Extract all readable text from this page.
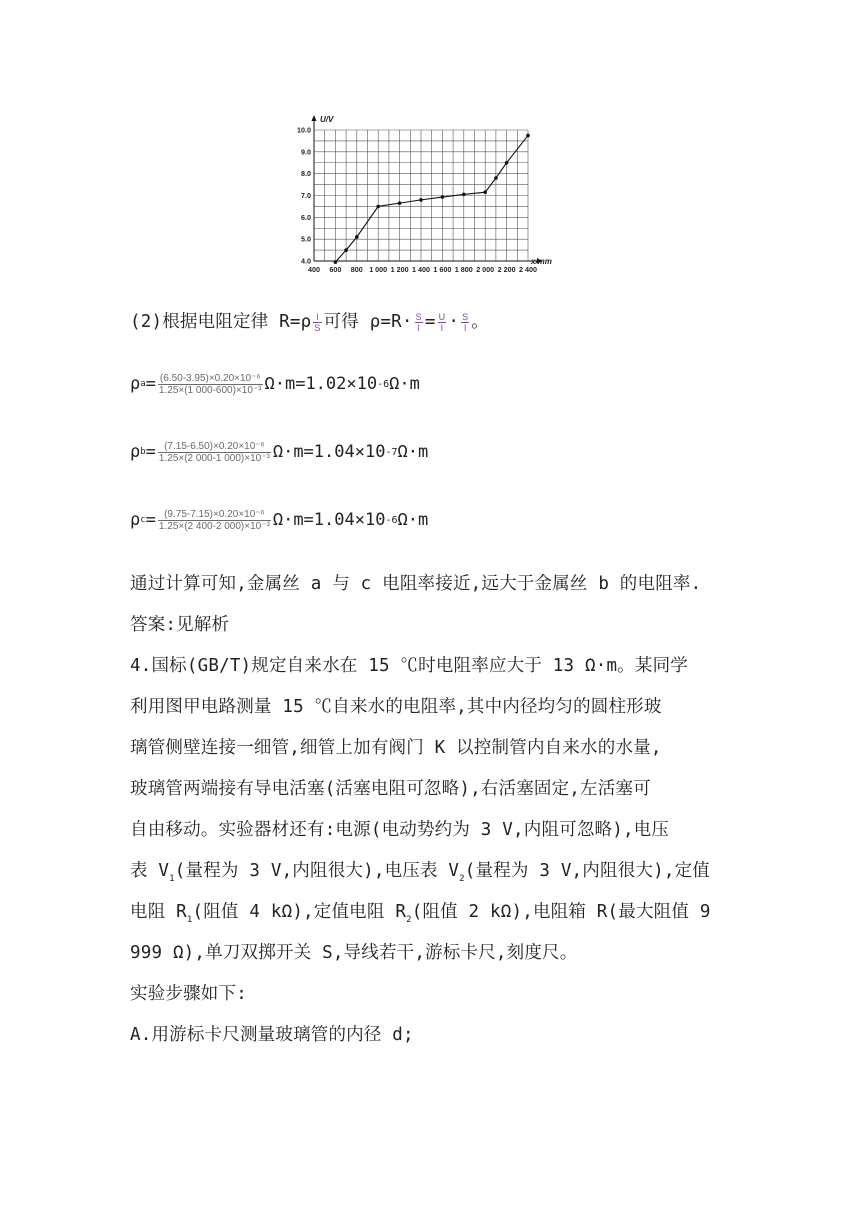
400 600 800 1 000 1 200 1 400 1 600 1 800 2 000 2 200 2 400
4.0
5.0
6.0
7.0
8.0
9.0
10.0
U/V
x/mm
(2)根据电阻定律 $R=\rho \frac{l}{S}$ 可得 $\rho=R\cdot \frac{S}{l} = \frac{U}{I} \cdot \frac{S}{l}$ 。
ρ $a = \frac{\text{(6.50-3.95)×0.20×10⁻⁶}}{\text{1.25×(1 000-600)×10⁻³}} \Omega\cdot m=1.02\times 10$ -6 Ω·m
ρ $b = \frac{\text{(7.15-6.50)×0.20×10⁻⁶}}{\text{1.25×(2 000-1 000)×10⁻³}} \Omega\cdot m=1.04\times 10$ -7 Ω·m
ρ $c = \frac{\text{(9.75-7.15)×0.20×10⁻⁶}}{\text{1.25×(2 400-2 000)×10⁻³}} \Omega\cdot m=1.04\times 10$ -6 Ω·m
通过计算可知,金属丝 a 与 c 电阻率接近,远大于金属丝 b 的电阻率.
答案:见解析
4.国标(GB/T)规定自来水在 15 ℃时电阻率应大于 13 Ω·m。某同学
利用图甲电路测量 15 ℃自来水的电阻率,其中内径均匀的圆柱形玻
璃管侧壁连接一细管,细管上加有阀门 K 以控制管内自来水的水量,
玻璃管两端接有导电活塞(活塞电阻可忽略),右活塞固定,左活塞可
自由移动。实验器材还有:电源(电动势约为 3 V,内阻可忽略),电压
表 $V_1$(量程为 3 V,内阻很大),电压表 $V_2$(量程为 3 V,内阻很大),定值
电阻 $R_1$(阻值 4 kΩ),定值电阻 $R_2$(阻值 2 kΩ),电阻箱 R(最大阻值 9
999 Ω),单刀双掷开关 S,导线若干,游标卡尺,刻度尺。
实验步骤如下:
A.用游标卡尺测量玻璃管的内径 d;
